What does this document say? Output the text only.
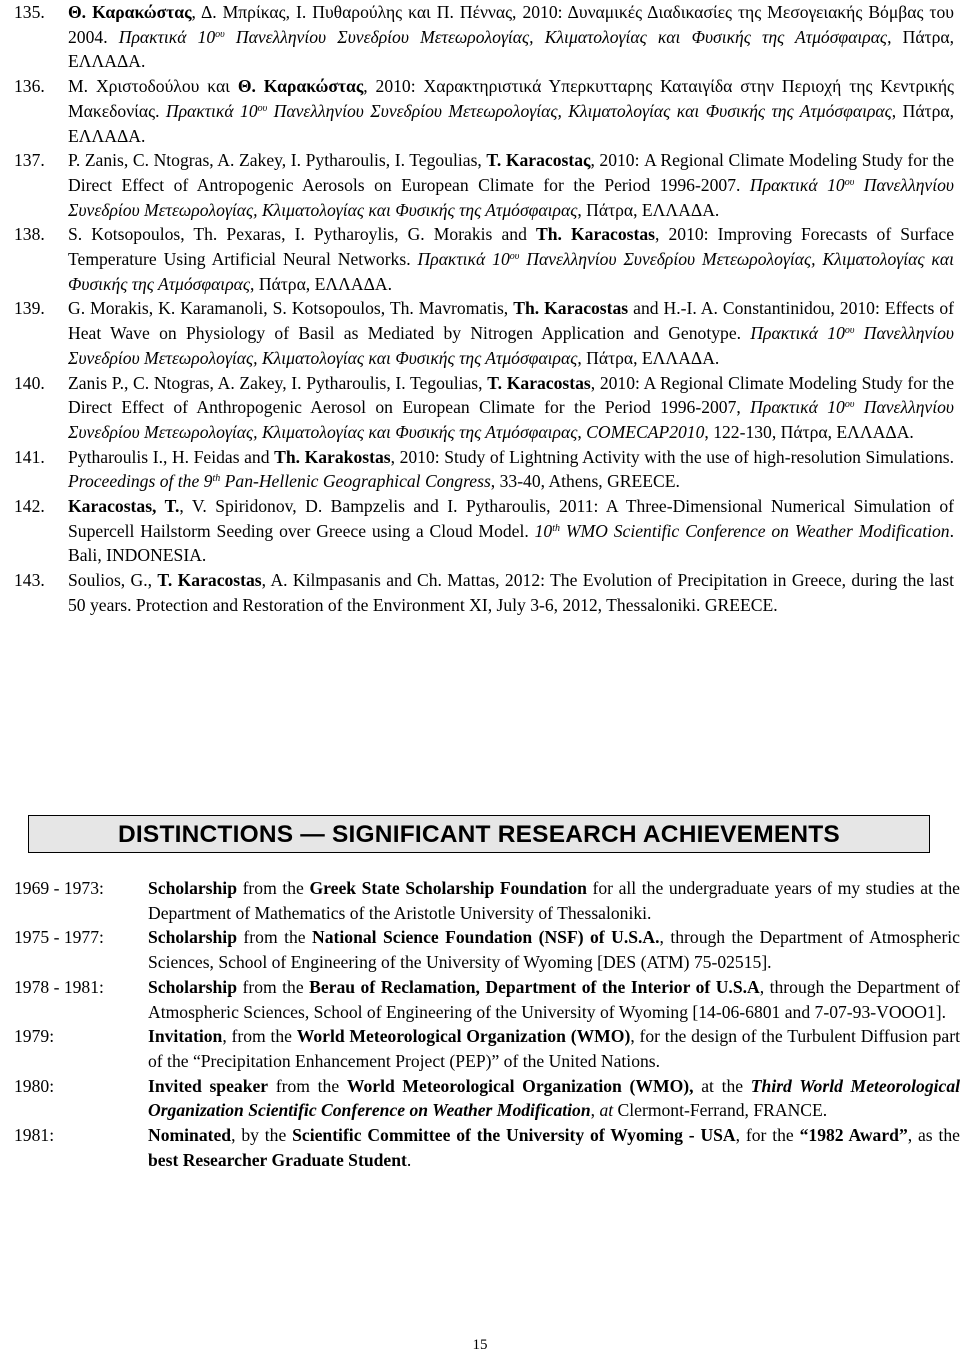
135. Θ. Καρακώστας, Δ. Μπρίκας, Ι. Πυθαρούλης και Π. Πέννας, 2010: Δυναμικές Διαδικασίες της Μεσογειακής Βόμβας του 2004. Πρακτικά $10^{o\upsilon}$ Πανελληνίου Συνεδρίου Μετεωρολογίας, Κλιματολογίας και Φυσικής της Ατμόσφαιρας, Πάτρα, ΕΛΛΑΔΑ.
136. Μ. Χριστοδούλου και Θ. Καρακώστας, 2010: Χαρακτηριστικά Υπερκυτταρης Καταιγίδα στην Περιοχή της Κεντρικής Μακεδονίας. Πρακτικά $10^{o\upsilon}$ Πανελληνίου Συνεδρίου Μετεωρολογίας, Κλιματολογίας και Φυσικής της Ατμόσφαιρας, Πάτρα, ΕΛΛΑΔΑ.
137. P. Zanis, C. Ntogras, A. Zakey, I. Pytharoulis, I. Tegoulias, T. Karacostaς, 2010: A Regional Climate Modeling Study for the Direct Effect of Antropogenic Aerosols on European Climate for the Period 1996-2007. Πρακτικά $10^{o\upsilon}$ Πανελληνίου Συνεδρίου Μετεωρολογίας, Κλιματολογίας και Φυσικής της Ατμόσφαιρας, Πάτρα, ΕΛΛΑΔΑ.
138. S. Kotsopoulos, Th. Pexaras, I. Pytharoylis, G. Morakis and Th. Karacostas, 2010: Improving Forecasts of Surface Temperature Using Artificial Neural Networks. Πρακτικά $10^{o\upsilon}$ Πανελληνίου Συνεδρίου Μετεωρολογίας, Κλιματολογίας και Φυσικής της Ατμόσφαιρας, Πάτρα, ΕΛΛΑΔΑ.
139. G. Morakis, K. Karamanoli, S. Kotsopoulos, Th. Mavromatis, Th. Karacostas and H.-I. A. Constantinidou, 2010: Effects of Heat Wave on Physiology of Basil as Mediated by Nitrogen Application and Genotype. Πρακτικά $10^{o\upsilon}$ Πανελληνίου Συνεδρίου Μετεωρολογίας, Κλιματολογίας και Φυσικής της Ατμόσφαιρας, Πάτρα, ΕΛΛΑΔΑ.
140. Zanis P., C. Ntogras, A. Zakey, I. Pytharoulis, I. Tegoulias, T. Karacostas, 2010: A Regional Climate Modeling Study for the Direct Effect of Anthropogenic Aerosol on European Climate for the Period 1996-2007, Πρακτικά $10^{o\upsilon}$ Πανελληνίου Συνεδρίου Μετεωρολογίας, Κλιματολογίας και Φυσικής της Ατμόσφαιρας, COMECAP2010, 122-130, Πάτρα, ΕΛΛΑΔΑ.
141. Pytharoulis I., H. Feidas and Th. Karakostas, 2010: Study of Lightning Activity with the use of high-resolution Simulations. Proceedings of the 9th Pan-Hellenic Geographical Congress, 33-40, Athens, GREECE.
142. Karacostas, T., V. Spiridonov, D. Bampzelis and I. Pytharoulis, 2011: A Three-Dimensional Numerical Simulation of Supercell Hailstorm Seeding over Greece using a Cloud Model. 10th WMO Scientific Conference on Weather Modification. Bali, INDONESIA.
143. Soulios, G., T. Karacostas, A. Kilmpasanis and Ch. Mattas, 2012: The Evolution of Precipitation in Greece, during the last 50 years. Protection and Restoration of the Environment XI, July 3-6, 2012, Thessaloniki. GREECE.
DISTINCTIONS — SIGNIFICANT RESEARCH ACHIEVEMENTS
1969 - 1973:	Scholarship from the Greek State Scholarship Foundation for all the undergraduate years of my studies at the Department of Mathematics of the Aristotle University of Thessaloniki.
1975 - 1977:	Scholarship from the National Science Foundation (NSF) of U.S.A., through the Department of Atmospheric Sciences, School of Engineering of the University of Wyoming [DES (ATM) 75-02515].
1978 - 1981:	Scholarship from the Berau of Reclamation, Department of the Interior of U.S.A, through the Department of Atmospheric Sciences, School of Engineering of the University of Wyoming [14-06-6801 and 7-07-93-VOOO1].
1979:	Invitation, from the World Meteorological Organization (WMO), for the design of the Turbulent Diffusion part of the “Precipitation Enhancement Project (PEP)” of the United Nations.
1980:	Invited speaker from the World Meteorological Organization (WMO), at the Third World Meteorological Organization Scientific Conference on Weather Modification, at Clermont-Ferrand, FRANCE.
1981:	Nominated, by the Scientific Committee of the University of Wyoming - USA, for the “1982 Award”, as the best Researcher Graduate Student.
15
